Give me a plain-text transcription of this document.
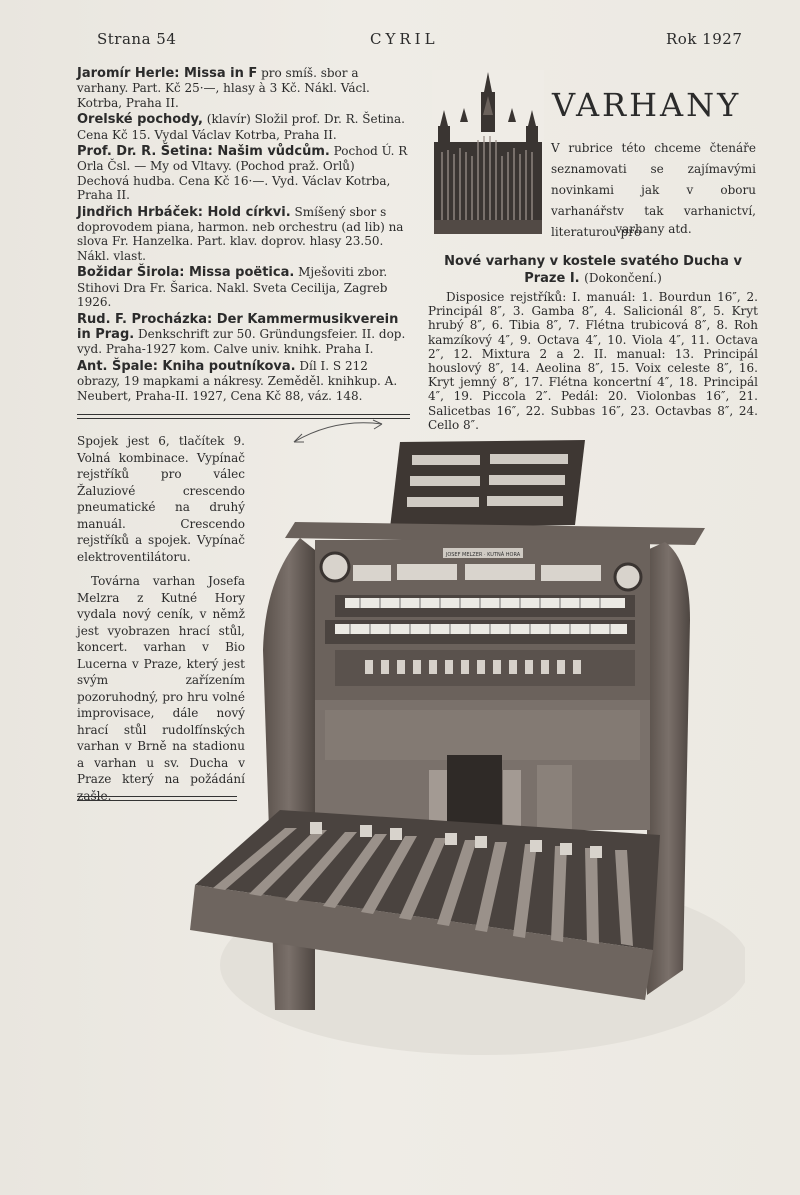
Strana 54	CYRIL	Rok 1927

Jaromír Herle: Missa in F pro smíš. sbor a varhany. Part. Kč 25·—, hlasy à 3 Kč. Nákl. Václ. Kotrba, Praha II.

Orelské pochody, (klavír) Složil prof. Dr. R. Šetina. Cena Kč 15. Vydal Václav Kotrba, Praha II.

Prof. Dr. R. Šetina: Našim vůdcům. Pochod Ú. R Orla Čsl. — My od Vltavy. (Pochod praž. Orlů) Dechová hudba. Cena Kč 16·—. Vyd. Václav Kotrba, Praha II.

Jindřich Hrbáček: Hold církvi. Smíšený sbor s doprovodem piana, harmon. neb orchestru (ad lib) na slova Fr. Hanzelka. Part. klav. doprov. hlasy 23.50. Nákl. vlast.

Božidar Širola: Missa poëtica. Mješoviti zbor. Stihovi Dra Fr. Šarica. Nakl. Sveta Cecilija, Zagreb 1926.

Rud. F. Procházka: Der Kammermusikverein in Prag. Denkschrift zur 50. Gründungsfeier. II. dop. vyd. Praha-1927 kom. Calve univ. knihk. Praha I.

Ant. Špale: Kniha poutníkova. Díl I. S 212 obrazy, 19 mapkami a nákresy. Zeměděl. knihkup. A. Neubert, Praha-II. 1927, Cena Kč 88, váz. 148.

VARHANY
V rubrice této chceme čtenáře seznamovati se zajímavými novinkami jak v oboru varhanářstv tak varhanictví, literaturou pro
varhany atd.
Nové varhany v kostele svatého Ducha v Praze I. (Dokončení.)

Disposice rejstříků: I. manuál: 1. Bourdun 16″, 2. Principál 8″, 3. Gamba 8″, 4. Salicionál 8″, 5. Kryt hrubý 8″, 6. Tibia 8″, 7. Flétna trubicová 8″, 8. Roh kamzíkový 4″, 9. Octava 4″, 10. Viola 4″, 11. Octava 2″, 12. Mixtura 2 a 2. II. manual: 13. Principál houslový 8″, 14. Aeolina 8″, 15. Voix celeste 8″, 16. Kryt jemný 8″, 17. Flétna koncertní 4″, 18. Principál 4″, 19. Piccola 2″. Pedál: 20. Violonbas 16″, 21. Salicetbas 16″, 22. Subbas 16″, 23. Octavbas 8″, 24. Cello 8″.

Spojek jest 6, tlačítek 9. Volná kombinace. Vypínač rejstříků pro válec Žaluziové crescendo pneumatické na druhý manuál. Crescendo rejstříků a spojek. Vypínač elektroventilátoru.

Továrna varhan Josefa Melzra z Kutné Hory vydala nový ceník, v němž jest vyobrazen hrací stůl, koncert. varhan v Bio Lucerna v Praze, který jest svým zařízením pozoruhodný, pro hru volné improvisace, dále nový hrací stůl rudolfínských varhan v Brně na stadionu a varhan u sv. Ducha v Praze který na požádání zašle.

JOSEF MELZER · KUTNÁ HORA
